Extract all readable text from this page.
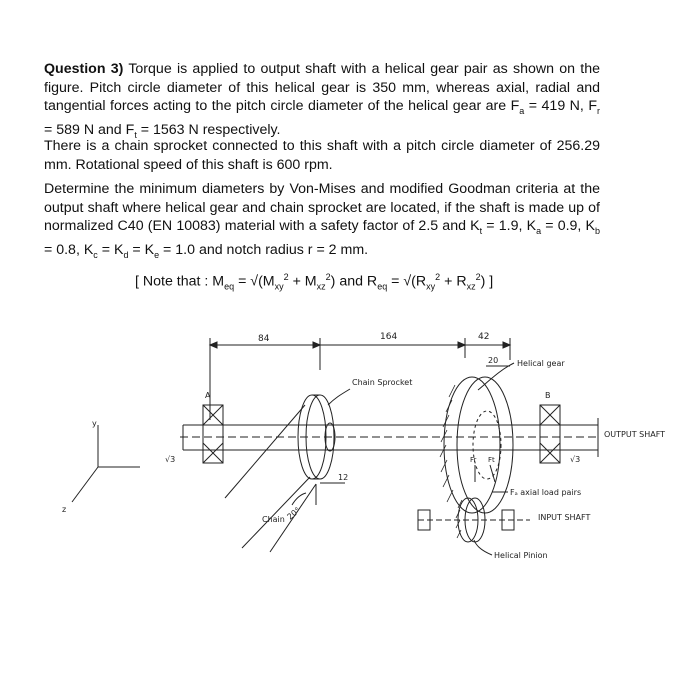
Question 3) Torque is applied to output shaft with a helical gear pair as shown on the figure. Pitch circle diameter of this helical gear is 350 mm, whereas axial, radial and tangential forces acting to the pitch circle diameter of the helical gear are $F_a = 419$ N, $F_r = 589$ N and $F_t = 1563$ N respectively.
There is a chain sprocket connected to this shaft with a pitch circle diameter of 256.29 mm. Rotational speed of this shaft is 600 rpm.
Determine the minimum diameters by Von-Mises and modified Goodman criteria at the output shaft where helical gear and chain sprocket are located, if the shaft is made up of normalized C40 (EN 10083) material with a safety factor of 2.5 and $K_t = 1.9$, $K_a = 0.9$, $K_b = 0.8$, $K_c = K_d = K_e = 1.0$ and notch radius r = 2 mm.
[ Note that : $M_{eq} = √(M_{xy}^2 + M_{xz}^2)$ and $R_{eq} = √(R_{xy}^2 + R_{xz}^2)$ ]
84	164	42
20 Helical gear
Chain Sprocket
A	B
OUTPUT SHAFT
y
z
√3
Chain 20°
12
Fr Ft	√3
Fₐ axial load pairs
INPUT SHAFT
Helical Pinion
